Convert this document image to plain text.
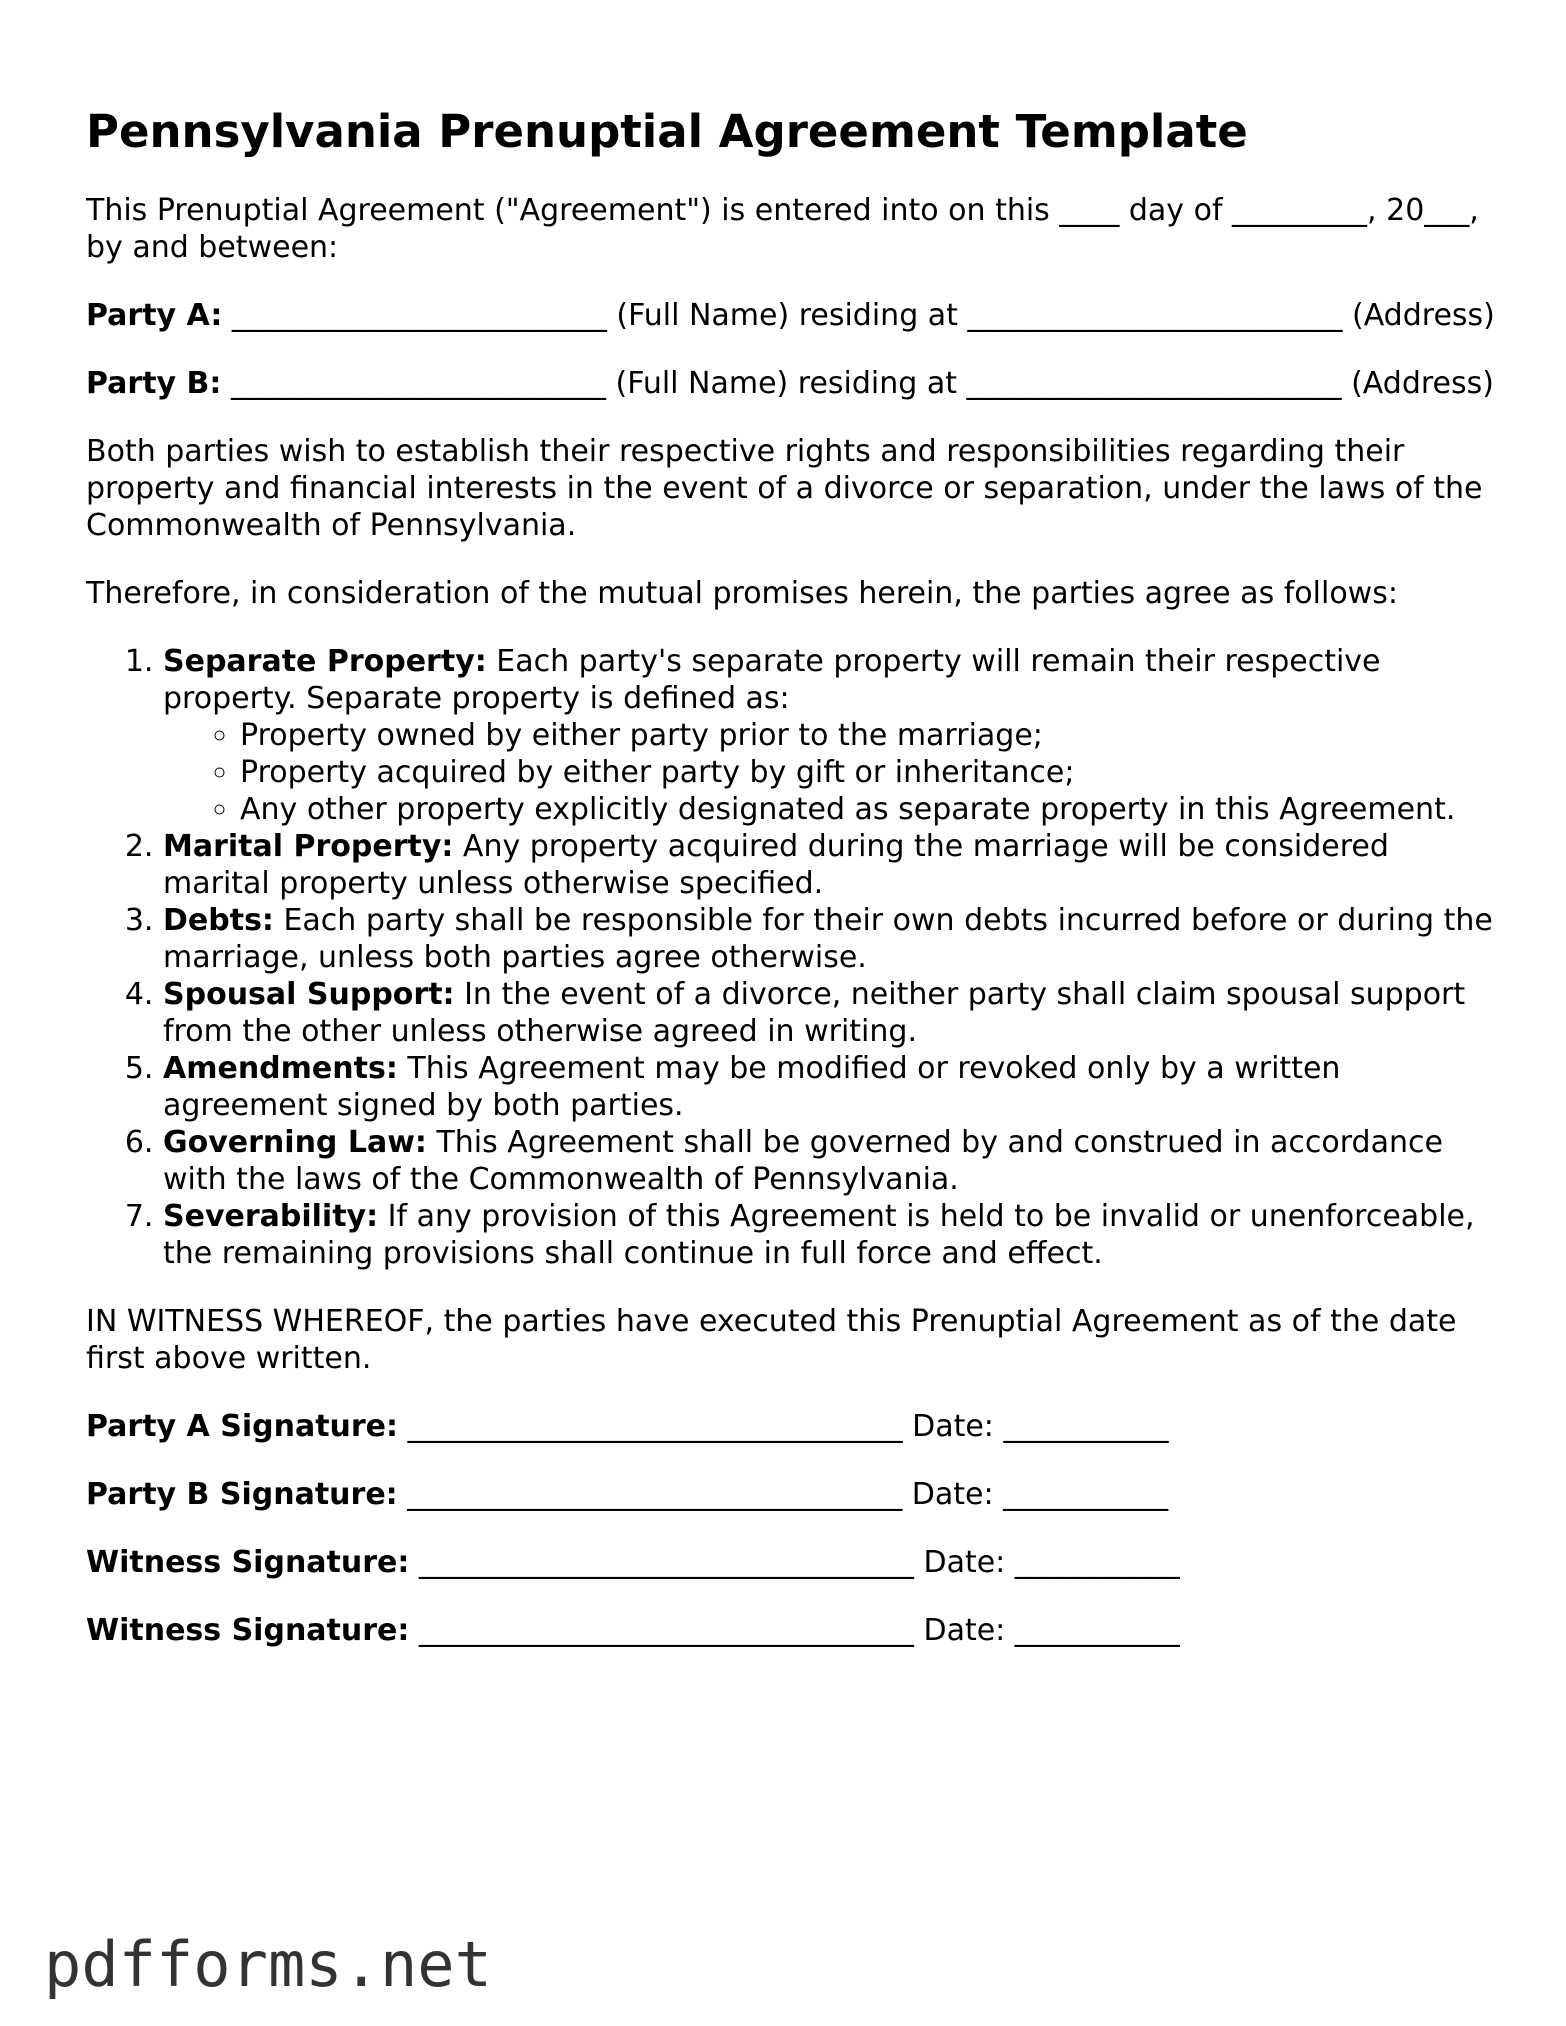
Pennsylvania Prenuptial Agreement Template

This Prenuptial Agreement ("Agreement") is entered into on this ____ day of _________, 20___, by and between:

Party A: _________________________ (Full Name) residing at _________________________ (Address)

Party B: _________________________ (Full Name) residing at _________________________ (Address)

Both parties wish to establish their respective rights and responsibilities regarding their property and financial interests in the event of a divorce or separation, under the laws of the Commonwealth of Pennsylvania.

Therefore, in consideration of the mutual promises herein, the parties agree as follows:

1. Separate Property: Each party's separate property will remain their respective property. Separate property is defined as:
◦ Property owned by either party prior to the marriage;
◦ Property acquired by either party by gift or inheritance;
◦ Any other property explicitly designated as separate property in this Agreement.
2. Marital Property: Any property acquired during the marriage will be considered marital property unless otherwise specified.
3. Debts: Each party shall be responsible for their own debts incurred before or during the marriage, unless both parties agree otherwise.
4. Spousal Support: In the event of a divorce, neither party shall claim spousal support from the other unless otherwise agreed in writing.
5. Amendments: This Agreement may be modified or revoked only by a written agreement signed by both parties.
6. Governing Law: This Agreement shall be governed by and construed in accordance with the laws of the Commonwealth of Pennsylvania.
7. Severability: If any provision of this Agreement is held to be invalid or unenforceable, the remaining provisions shall continue in full force and effect.

IN WITNESS WHEREOF, the parties have executed this Prenuptial Agreement as of the date first above written.

Party A Signature: _________________________________ Date: ___________
Party B Signature: _________________________________ Date: ___________
Witness Signature: _________________________________ Date: ___________
Witness Signature: _________________________________ Date: ___________
pdfforms.net
